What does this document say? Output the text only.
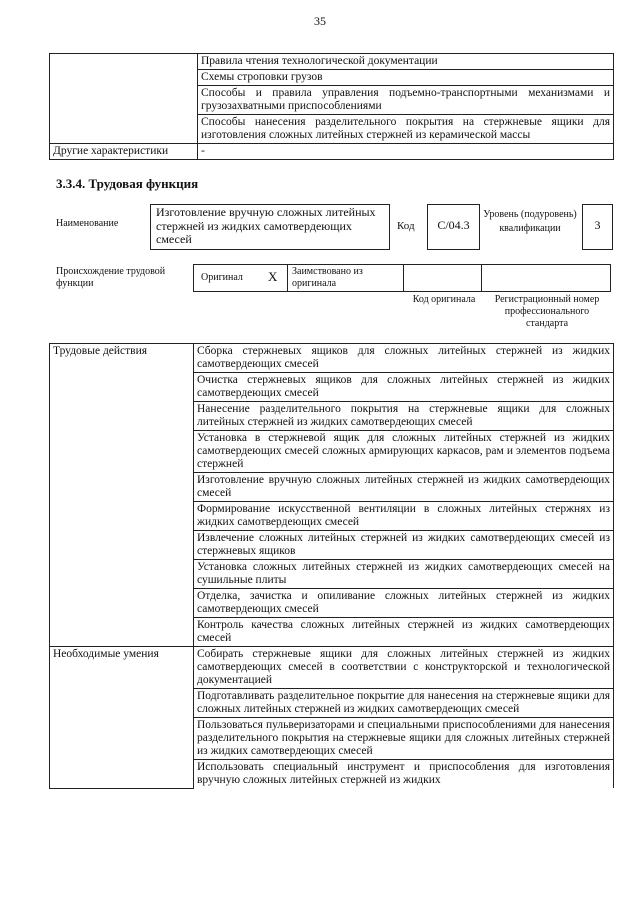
35
	Правила чтения технологической документации
	Схемы строповки грузов
	Способы и правила управления подъемно-транспортными механизмами и грузозахватными приспособлениями
	Способы нанесения разделительного покрытия на стержневые ящики для изготовления сложных литейных стержней из керамической массы
Другие характеристики	-
3.3.4. Трудовая функция
Наименование
Изготовление вручную сложных литейных стержней из жидких самотвердеющих смесей
Код	С/04.3
Уровень (подуровень) квалификации	3
Происхождение трудовой функции
Оригинал X Заимствовано из оригинала
Код оригинала	Регистрационный номер профессионального стандарта
Трудовые действия	Сборка стержневых ящиков для сложных литейных стержней из жидких самотвердеющих смесей
	Очистка стержневых ящиков для сложных литейных стержней из жидких самотвердеющих смесей
	Нанесение разделительного покрытия на стержневые ящики для сложных литейных стержней из жидких самотвердеющих смесей
	Установка в стержневой ящик для сложных литейных стержней из жидких самотвердеющих смесей сложных армирующих каркасов, рам и элементов подъема стержней
	Изготовление вручную сложных литейных стержней из жидких самотвердеющих смесей
	Формирование искусственной вентиляции в сложных литейных стержнях из жидких самотвердеющих смесей
	Извлечение сложных литейных стержней из жидких самотвердеющих смесей из стержневых ящиков
	Установка сложных литейных стержней из жидких самотвердеющих смесей на сушильные плиты
	Отделка, зачистка и опиливание сложных литейных стержней из жидких самотвердеющих смесей
	Контроль качества сложных литейных стержней из жидких самотвердеющих смесей
Необходимые умения	Собирать стержневые ящики для сложных литейных стержней из жидких самотвердеющих смесей в соответствии с конструкторской и технологической документацией
	Подготавливать разделительное покрытие для нанесения на стержневые ящики для сложных литейных стержней из жидких самотвердеющих смесей
	Пользоваться пульверизаторами и специальными приспособлениями для нанесения разделительного покрытия на стержневые ящики для сложных литейных стержней из жидких самотвердеющих смесей
	Использовать специальный инструмент и приспособления для изготовления вручную сложных литейных стержней из жидких
